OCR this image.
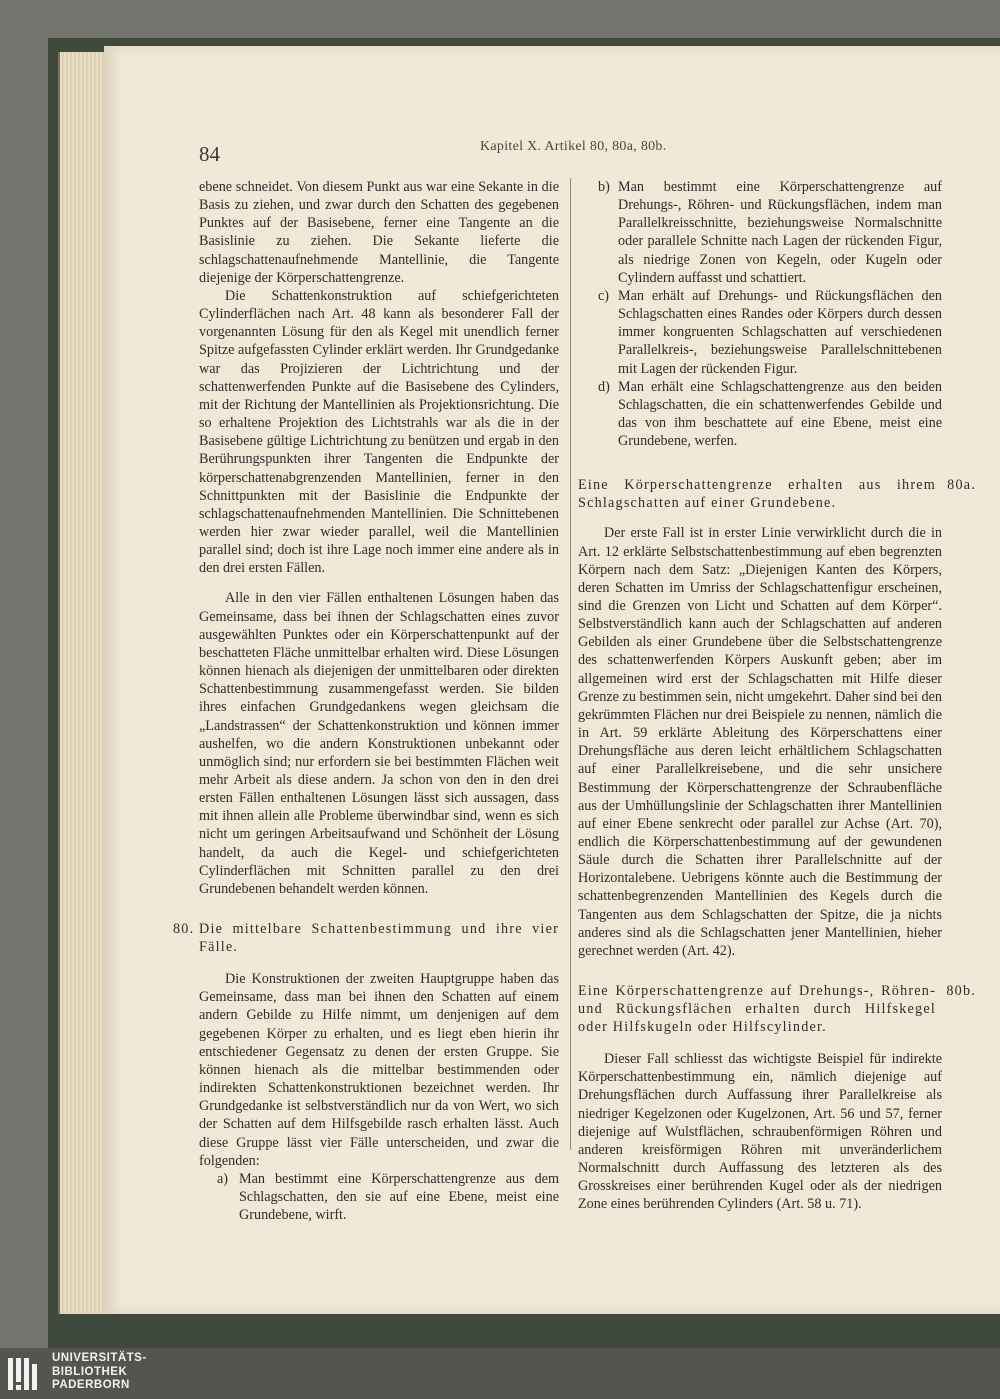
84	Kapitel X. Artikel 80, 80a, 80b.

ebene schneidet. Von diesem Punkt aus war eine Sekante in die Basis zu ziehen, und zwar durch den Schatten des gegebenen Punktes auf der Basisebene, ferner eine Tangente an die Basislinie zu ziehen. Die Sekante lieferte die schlagschattenaufnehmende Mantellinie, die Tangente diejenige der Körperschattengrenze.

Die Schattenkonstruktion auf schiefgerichteten Cylinderflächen nach Art. 48 kann als besonderer Fall der vorgenannten Lösung für den als Kegel mit unendlich ferner Spitze aufgefassten Cylinder erklärt werden. Ihr Grundgedanke war das Projizieren der Lichtrichtung und der schattenwerfenden Punkte auf die Basisebene des Cylinders, mit der Richtung der Mantellinien als Projektionsrichtung. Die so erhaltene Projektion des Lichtstrahls war als die in der Basisebene gültige Lichtrichtung zu benützen und ergab in den Berührungspunkten ihrer Tangenten die Endpunkte der körperschattenabgrenzenden Mantellinien, ferner in den Schnittpunkten mit der Basislinie die Endpunkte der schlagschattenaufnehmenden Mantellinien. Die Schnittebenen werden hier zwar wieder parallel, weil die Mantellinien parallel sind; doch ist ihre Lage noch immer eine andere als in den drei ersten Fällen.

Alle in den vier Fällen enthaltenen Lösungen haben das Gemeinsame, dass bei ihnen der Schlagschatten eines zuvor ausgewählten Punktes oder ein Körperschattenpunkt auf der beschatteten Fläche unmittelbar erhalten wird. Diese Lösungen können hienach als diejenigen der unmittelbaren oder direkten Schattenbestimmung zusammengefasst werden. Sie bilden ihres einfachen Grundgedankens wegen gleichsam die „Landstrassen“ der Schattenkonstruktion und können immer aushelfen, wo die andern Konstruktionen unbekannt oder unmöglich sind; nur erfordern sie bei bestimmten Flächen weit mehr Arbeit als diese andern. Ja schon von den in den drei ersten Fällen enthaltenen Lösungen lässt sich aussagen, dass mit ihnen allein alle Probleme überwindbar sind, wenn es sich nicht um geringen Arbeitsaufwand und Schönheit der Lösung handelt, da auch die Kegel- und schiefgerichteten Cylinderflächen mit Schnitten parallel zu den drei Grundebenen behandelt werden können.

80. Die mittelbare Schattenbestimmung und ihre vier Fälle.

Die Konstruktionen der zweiten Hauptgruppe haben das Gemeinsame, dass man bei ihnen den Schatten auf einem andern Gebilde zu Hilfe nimmt, um denjenigen auf dem gegebenen Körper zu erhalten, und es liegt eben hierin ihr entschiedener Gegensatz zu denen der ersten Gruppe. Sie können hienach als die mittelbar bestimmenden oder indirekten Schattenkonstruktionen bezeichnet werden. Ihr Grundgedanke ist selbstverständlich nur da von Wert, wo sich der Schatten auf dem Hilfsgebilde rasch erhalten lässt. Auch diese Gruppe lässt vier Fälle unterscheiden, und zwar die folgenden:

a) Man bestimmt eine Körperschattengrenze aus dem Schlagschatten, den sie auf eine Ebene, meist eine Grundebene, wirft.
b) Man bestimmt eine Körperschattengrenze auf Drehungs-, Röhren- und Rückungsflächen, indem man Parallelkreisschnitte, beziehungsweise Normalschnitte oder parallele Schnitte nach Lagen der rückenden Figur, als niedrige Zonen von Kegeln, oder Kugeln oder Cylindern auffasst und schattiert.
c) Man erhält auf Drehungs- und Rückungsflächen den Schlagschatten eines Randes oder Körpers durch dessen immer kongruenten Schlagschatten auf verschiedenen Parallelkreis-, beziehungsweise Parallelschnittebenen mit Lagen der rückenden Figur.
d) Man erhält eine Schlagschattengrenze aus den beiden Schlagschatten, die ein schattenwerfendes Gebilde und das von ihm beschattete auf eine Ebene, meist eine Grundebene, werfen.
Eine Körperschattengrenze erhalten aus ihrem Schlagschatten auf einer Grundebene.
80a.

Der erste Fall ist in erster Linie verwirklicht durch die in Art. 12 erklärte Selbstschattenbestimmung auf eben begrenzten Körpern nach dem Satz: „Diejenigen Kanten des Körpers, deren Schatten im Umriss der Schlagschattenfigur erscheinen, sind die Grenzen von Licht und Schatten auf dem Körper“. Selbstverständlich kann auch der Schlagschatten auf anderen Gebilden als einer Grundebene über die Selbstschattengrenze des schattenwerfenden Körpers Auskunft geben; aber im allgemeinen wird erst der Schlagschatten mit Hilfe dieser Grenze zu bestimmen sein, nicht umgekehrt. Daher sind bei den gekrümmten Flächen nur drei Beispiele zu nennen, nämlich die in Art. 59 erklärte Ableitung des Körperschattens einer Drehungsfläche aus deren leicht erhältlichem Schlagschatten auf einer Parallelkreisebene, und die sehr unsichere Bestimmung der Körperschattengrenze der Schraubenfläche aus der Umhüllungslinie der Schlagschatten ihrer Mantellinien auf einer Ebene senkrecht oder parallel zur Achse (Art. 70), endlich die Körperschattenbestimmung auf der gewundenen Säule durch die Schatten ihrer Parallelschnitte auf der Horizontalebene. Uebrigens könnte auch die Bestimmung der schattenbegrenzenden Mantellinien des Kegels durch die Tangenten aus dem Schlagschatten der Spitze, die ja nichts anderes sind als die Schlagschatten jener Mantellinien, hieher gerechnet werden (Art. 42).

Eine Körperschattengrenze auf Drehungs-, Röhren- und Rückungsflächen erhalten durch Hilfskegel oder Hilfskugeln oder Hilfscylinder.
80b.

Dieser Fall schliesst das wichtigste Beispiel für indirekte Körperschattenbestimmung ein, nämlich diejenige auf Drehungsflächen durch Auffassung ihrer Parallelkreise als niedriger Kegelzonen oder Kugelzonen, Art. 56 und 57, ferner diejenige auf Wulstflächen, schraubenförmigen Röhren und anderen kreisförmigen Röhren mit unveränderlichem Normalschnitt durch Auffassung des letzteren als des Grosskreises einer berührenden Kugel oder als der niedrigen Zone eines berührenden Cylinders (Art. 58 u. 71).

UNIVERSITÄTS-
BIBLIOTHEK
PADERBORN
